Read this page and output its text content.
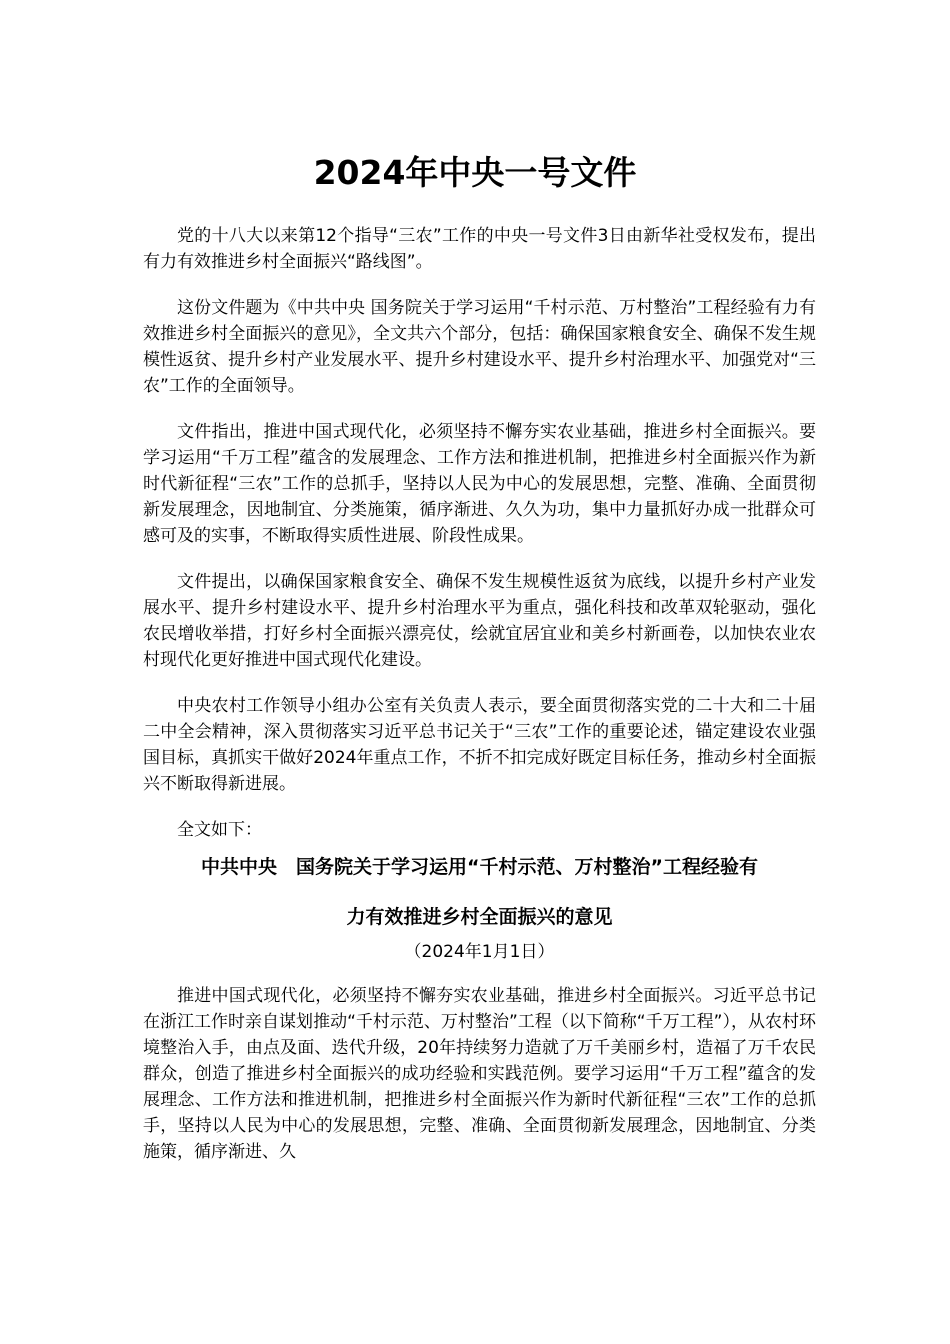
2024年中央一号文件

党的十八大以来第12个指导“三农”工作的中央一号文件3日由新华社受权发布，提出有力有效推进乡村全面振兴“路线图”。

这份文件题为《中共中央 国务院关于学习运用“千村示范、万村整治”工程经验有力有效推进乡村全面振兴的意见》，全文共六个部分，包括：确保国家粮食安全、确保不发生规模性返贫、提升乡村产业发展水平、提升乡村建设水平、提升乡村治理水平、加强党对“三农”工作的全面领导。

文件指出，推进中国式现代化，必须坚持不懈夯实农业基础，推进乡村全面振兴。要学习运用“千万工程”蕴含的发展理念、工作方法和推进机制，把推进乡村全面振兴作为新时代新征程“三农”工作的总抓手，坚持以人民为中心的发展思想，完整、准确、全面贯彻新发展理念，因地制宜、分类施策，循序渐进、久久为功，集中力量抓好办成一批群众可感可及的实事，不断取得实质性进展、阶段性成果。

文件提出，以确保国家粮食安全、确保不发生规模性返贫为底线，以提升乡村产业发展水平、提升乡村建设水平、提升乡村治理水平为重点，强化科技和改革双轮驱动，强化农民增收举措，打好乡村全面振兴漂亮仗，绘就宜居宜业和美乡村新画卷，以加快农业农村现代化更好推进中国式现代化建设。

中央农村工作领导小组办公室有关负责人表示，要全面贯彻落实党的二十大和二十届二中全会精神，深入贯彻落实习近平总书记关于“三农”工作的重要论述，锚定建设农业强国目标，真抓实干做好2024年重点工作，不折不扣完成好既定目标任务，推动乡村全面振兴不断取得新进展。

全文如下：

中共中央　国务院关于学习运用“千村示范、万村整治”工程经验有
力有效推进乡村全面振兴的意见
（2024年1月1日）

推进中国式现代化，必须坚持不懈夯实农业基础，推进乡村全面振兴。习近平总书记在浙江工作时亲自谋划推动“千村示范、万村整治”工程（以下简称“千万工程”），从农村环境整治入手，由点及面、迭代升级，20年持续努力造就了万千美丽乡村，造福了万千农民群众，创造了推进乡村全面振兴的成功经验和实践范例。要学习运用“千万工程”蕴含的发展理念、工作方法和推进机制，把推进乡村全面振兴作为新时代新征程“三农”工作的总抓手，坚持以人民为中心的发展思想，完整、准确、全面贯彻新发展理念，因地制宜、分类施策，循序渐进、久
